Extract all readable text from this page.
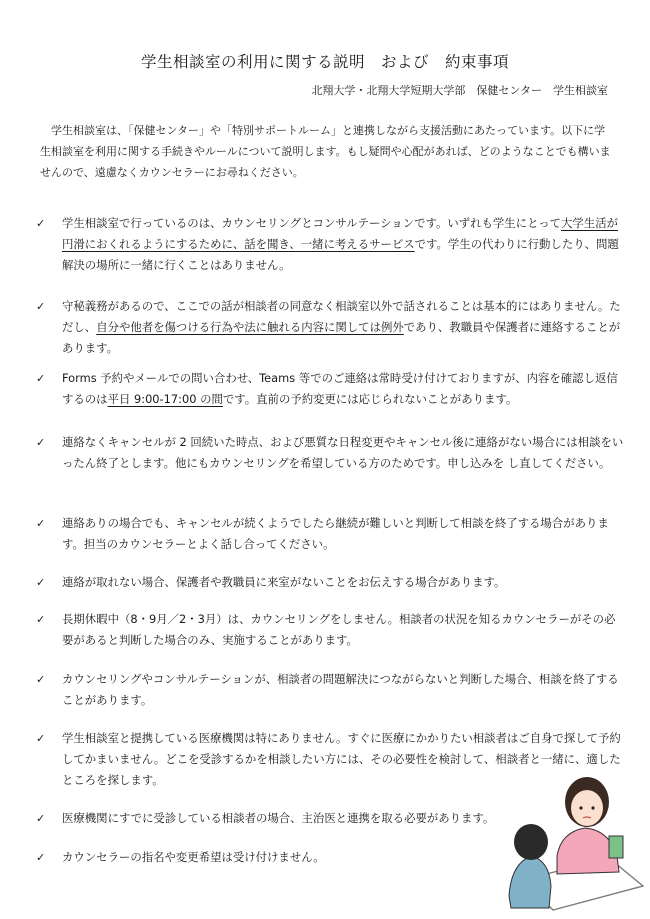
学生相談室の利用に関する説明　および　約束事項
北翔大学・北翔大学短期大学部　保健センター　学生相談室
学生相談室は、「保健センター」や「特別サポートルーム」と連携しながら支援活動にあたっています。以下に学生相談室を利用に関する手続きやルールについて説明します。もし疑問や心配があれば、どのようなことでも構いませんので、遠慮なくカウンセラーにお尋ねください。
✓ 学生相談室で行っているのは、カウンセリングとコンサルテーションです。いずれも学生にとって大学生活が円滑におくれるようにするために、話を聞き、一緒に考えるサービスです。学生の代わりに行動したり、問題解決の場所に一緒に行くことはありません。
✓ 守秘義務があるので、ここでの話が相談者の同意なく相談室以外で話されることは基本的にはありません。ただし、自分や他者を傷つける行為や法に触れる内容に関しては例外であり、教職員や保護者に連絡することがあります。
✓ Forms 予約やメールでの問い合わせ、Teams 等でのご連絡は常時受け付けておりますが、内容を確認し返信するのは平日 9:00-17:00 の間です。直前の予約変更には応じられないことがあります。
✓ 連絡なくキャンセルが 2 回続いた時点、および悪質な日程変更やキャンセル後に連絡がない場合には相談をいったん終了とします。他にもカウンセリングを希望している方のためです。申し込みを し直してください。
✓ 連絡ありの場合でも、キャンセルが続くようでしたら継続が難しいと判断して相談を終了する場合があります。担当のカウンセラーとよく話し合ってください。
✓ 連絡が取れない場合、保護者や教職員に来室がないことをお伝えする場合があります。
✓ 長期休暇中（8・9月／2・3月）は、カウンセリングをしません。相談者の状況を知るカウンセラーがその必要があると判断した場合のみ、実施することがあります。
✓ カウンセリングやコンサルテーションが、相談者の問題解決につながらないと判断した場合、相談を終了することがあります。
✓ 学生相談室と提携している医療機関は特にありません。すぐに医療にかかりたい相談者はご自身で探して予約してかまいません。どこを受診するかを相談したい方には、その必要性を検討して、相談者と一緒に、適したところを探します。
✓ 医療機関にすでに受診している相談者の場合、主治医と連携を取る必要があります。
✓ カウンセラーの指名や変更希望は受け付けません。
